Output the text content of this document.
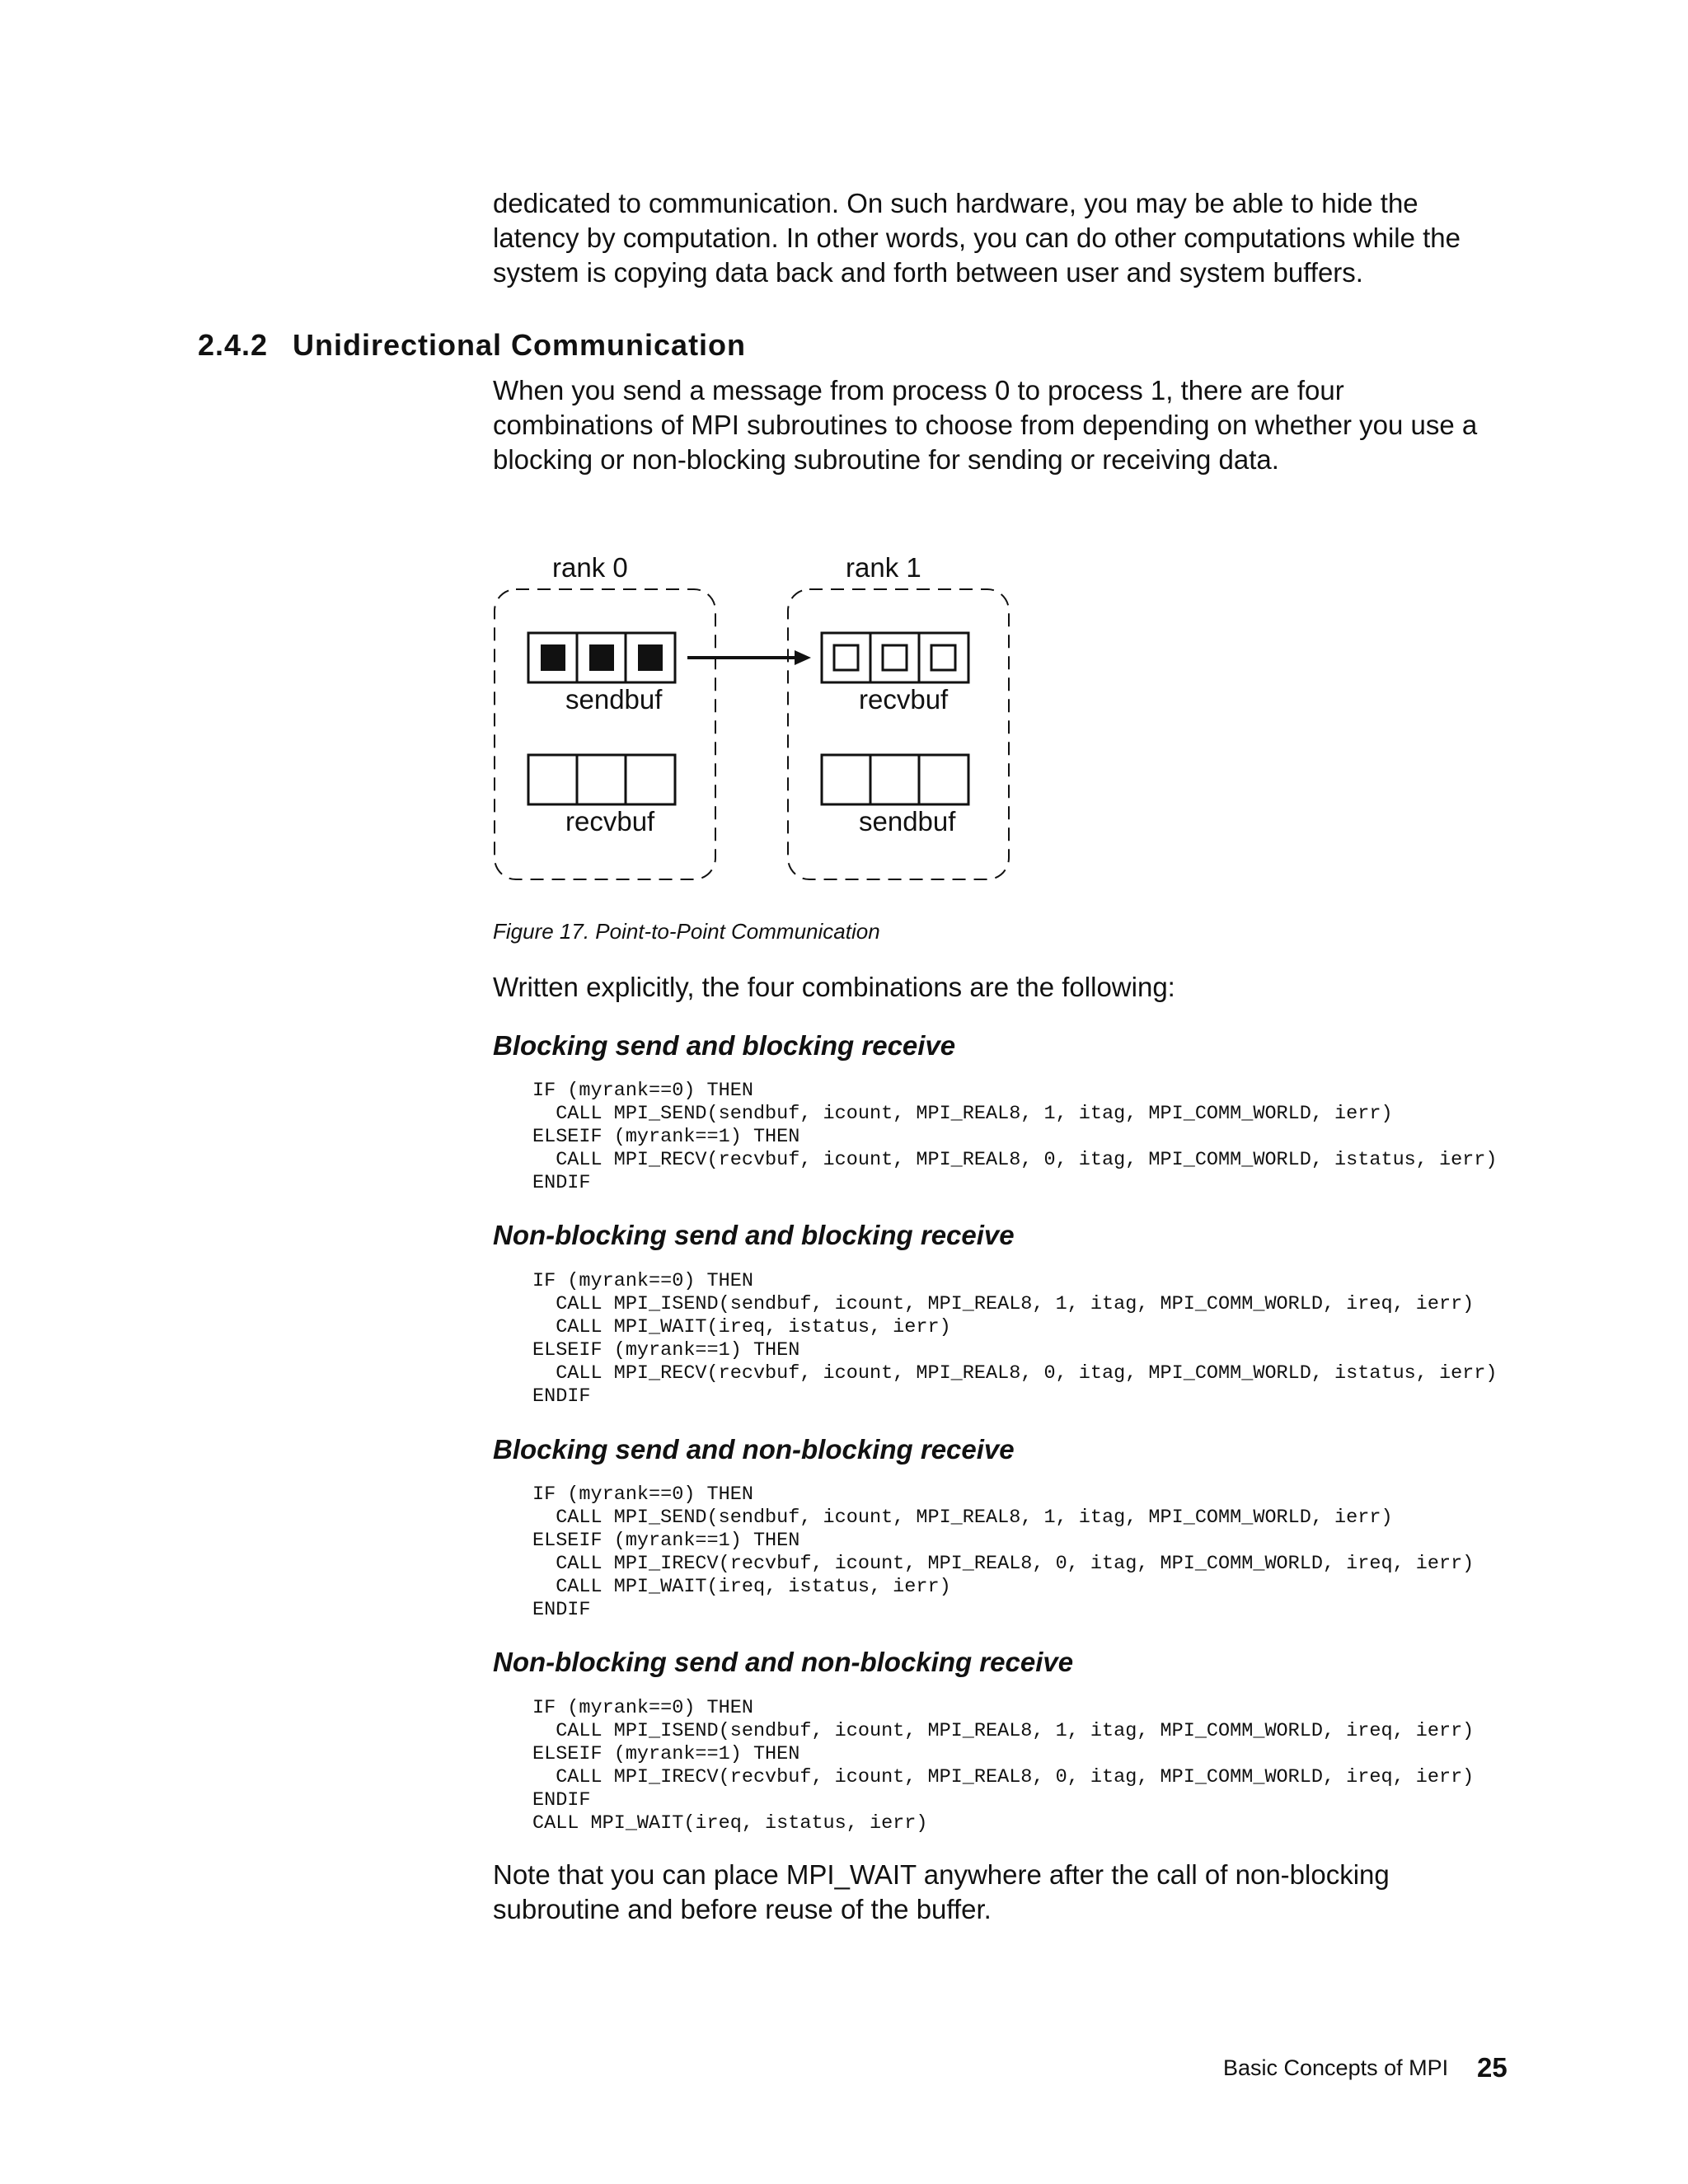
dedicated to communication. On such hardware, you may be able to hide the
latency by computation. In other words, you can do other computations while the
system is copying data back and forth between user and system buffers.

2.4.2 Unidirectional Communication

When you send a message from process 0 to process 1, there are four
combinations of MPI subroutines to choose from depending on whether you use a
blocking or non-blocking subroutine for sending or receiving data.

rank 0
sendbuf
recvbuf
rank 1
recvbuf
sendbuf

Figure 17. Point-to-Point Communication

Written explicitly, the four combinations are the following:

Blocking send and blocking receive
IF (myrank==0) THEN
CALL MPI_SEND(sendbuf, icount, MPI_REAL8, 1, itag, MPI_COMM_WORLD, ierr)
ELSEIF (myrank==1) THEN
CALL MPI_RECV(recvbuf, icount, MPI_REAL8, 0, itag, MPI_COMM_WORLD, istatus, ierr)
ENDIF
Non-blocking send and blocking receive
IF (myrank==0) THEN
CALL MPI_ISEND(sendbuf, icount, MPI_REAL8, 1, itag, MPI_COMM_WORLD, ireq, ierr)
CALL MPI_WAIT(ireq, istatus, ierr)
ELSEIF (myrank==1) THEN
CALL MPI_RECV(recvbuf, icount, MPI_REAL8, 0, itag, MPI_COMM_WORLD, istatus, ierr)
ENDIF
Blocking send and non-blocking receive
IF (myrank==0) THEN
CALL MPI_SEND(sendbuf, icount, MPI_REAL8, 1, itag, MPI_COMM_WORLD, ierr)
ELSEIF (myrank==1) THEN
CALL MPI_IRECV(recvbuf, icount, MPI_REAL8, 0, itag, MPI_COMM_WORLD, ireq, ierr)
CALL MPI_WAIT(ireq, istatus, ierr)
ENDIF
Non-blocking send and non-blocking receive
IF (myrank==0) THEN
CALL MPI_ISEND(sendbuf, icount, MPI_REAL8, 1, itag, MPI_COMM_WORLD, ireq, ierr)
ELSEIF (myrank==1) THEN
CALL MPI_IRECV(recvbuf, icount, MPI_REAL8, 0, itag, MPI_COMM_WORLD, ireq, ierr)
ENDIF
CALL MPI_WAIT(ireq, istatus, ierr)

Note that you can place MPI_WAIT anywhere after the call of non-blocking
subroutine and before reuse of the buffer.

Basic Concepts of MPI 25
